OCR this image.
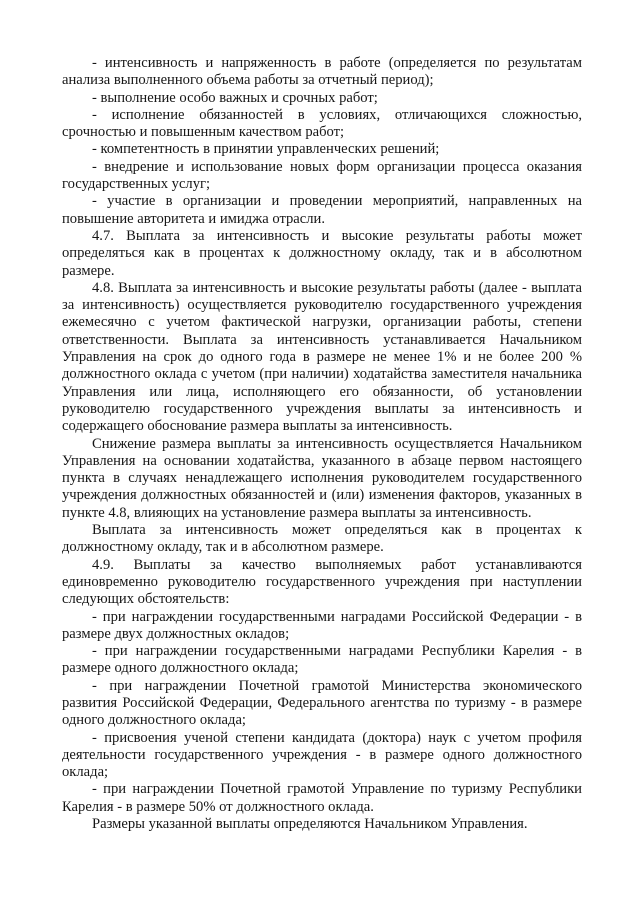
- интенсивность и напряженность в работе (определяется по результатам анализа выполненного объема работы за отчетный период);

- выполнение особо важных и срочных работ;

- исполнение обязанностей в условиях, отличающихся сложностью, срочностью и повышенным качеством работ;

- компетентность в принятии управленческих решений;

- внедрение и использование новых форм организации процесса оказания государственных услуг;

- участие в организации и проведении мероприятий, направленных на повышение авторитета и имиджа отрасли.

4.7. Выплата за интенсивность и высокие результаты работы может определяться как в процентах к должностному окладу, так и в абсолютном размере.

4.8. Выплата за интенсивность и высокие результаты работы (далее - выплата за интенсивность) осуществляется руководителю государственного учреждения ежемесячно с учетом фактической нагрузки, организации работы, степени ответственности. Выплата за интенсивность устанавливается Начальником Управления на срок до одного года в размере не менее 1% и не более 200 % должностного оклада с учетом (при наличии) ходатайства заместителя начальника Управления или лица, исполняющего его обязанности, об установлении руководителю государственного учреждения выплаты за интенсивность и содержащего обоснование размера выплаты за интенсивность.

Снижение размера выплаты за интенсивность осуществляется Начальником Управления на основании ходатайства, указанного в абзаце первом настоящего пункта в случаях ненадлежащего исполнения руководителем государственного учреждения должностных обязанностей и (или) изменения факторов, указанных в пункте 4.8, влияющих на установление размера выплаты за интенсивность.

Выплата за интенсивность может определяться как в процентах к должностному окладу, так и в абсолютном размере.

4.9. Выплаты за качество выполняемых работ устанавливаются единовременно руководителю государственного учреждения при наступлении следующих обстоятельств:

- при награждении государственными наградами Российской Федерации - в размере двух должностных окладов;

- при награждении государственными наградами Республики Карелия - в размере одного должностного оклада;

- при награждении Почетной грамотой Министерства экономического развития Российской Федерации, Федерального агентства по туризму - в размере одного должностного оклада;

- присвоения ученой степени кандидата (доктора) наук с учетом профиля деятельности государственного учреждения - в размере одного должностного оклада;

- при награждении Почетной грамотой Управление по туризму Республики Карелия - в размере 50% от должностного оклада.

Размеры указанной выплаты определяются Начальником Управления.
